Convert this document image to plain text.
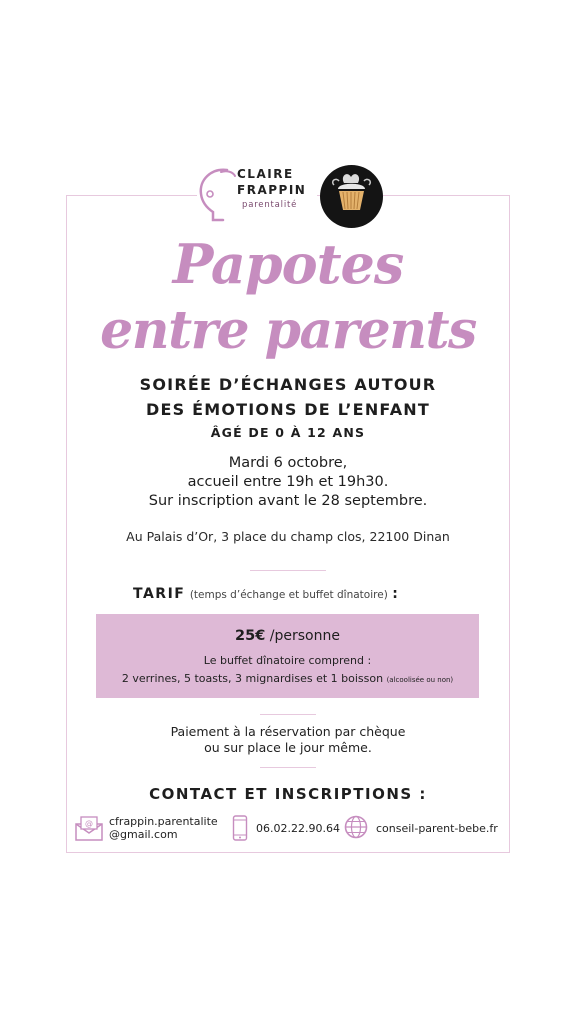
CLAIRE
FRAPPIN
parentalité
Papotes
entre parents
SOIRÉE D’ÉCHANGES AUTOUR
DES ÉMOTIONS DE L’ENFANT
ÂGÉ DE 0 À 12 ANS
Mardi 6 octobre,
accueil entre 19h et 19h30.
Sur inscription avant le 28 septembre.
Au Palais d’Or, 3 place du champ clos, 22100 Dinan
TARIF (temps d’échange et buffet dînatoire) :
25€ /personne
Le buffet dînatoire comprend :
2 verrines, 5 toasts, 3 mignardises et 1 boisson (alcoolisée ou non)
Paiement à la réservation par chèque
ou sur place le jour même.
CONTACT ET INSCRIPTIONS :
@ cfrappin.parentalite
@gmail.com	06.02.22.90.64	conseil-parent-bebe.fr
